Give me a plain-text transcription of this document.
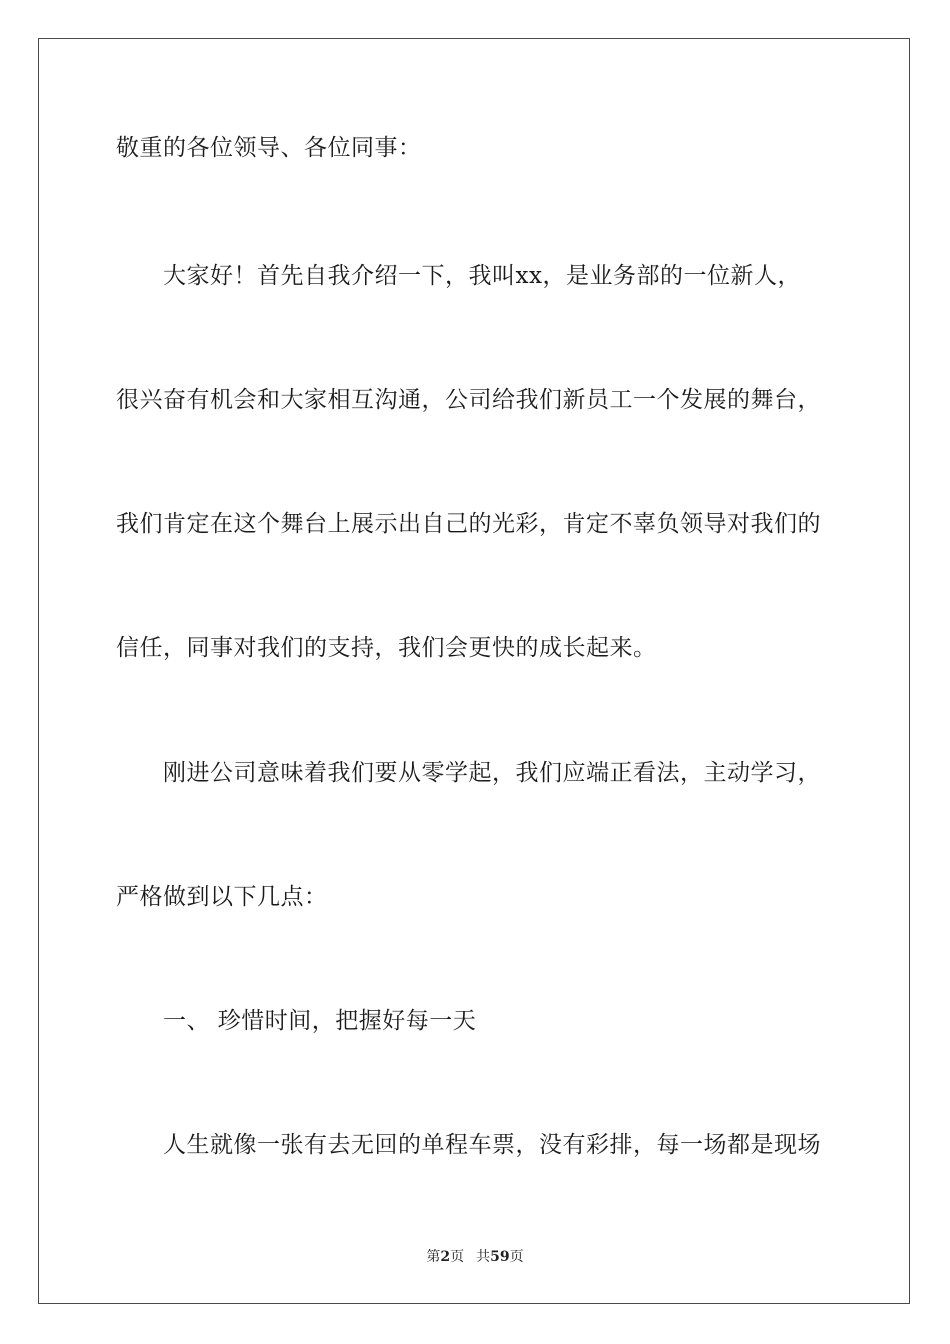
敬重的各位领导、各位同事：
大家好！首先自我介绍一下，我叫xx，是业务部的一位新人，
很兴奋有机会和大家相互沟通，公司给我们新员工一个发展的舞台，
我们肯定在这个舞台上展示出自己的光彩，肯定不辜负领导对我们的
信任，同事对我们的支持，我们会更快的成长起来。
刚进公司意味着我们要从零学起，我们应端正看法，主动学习，
严格做到以下几点：
一、 珍惜时间，把握好每一天
人生就像一张有去无回的单程车票，没有彩排，每一场都是现场
第2页 共59页
